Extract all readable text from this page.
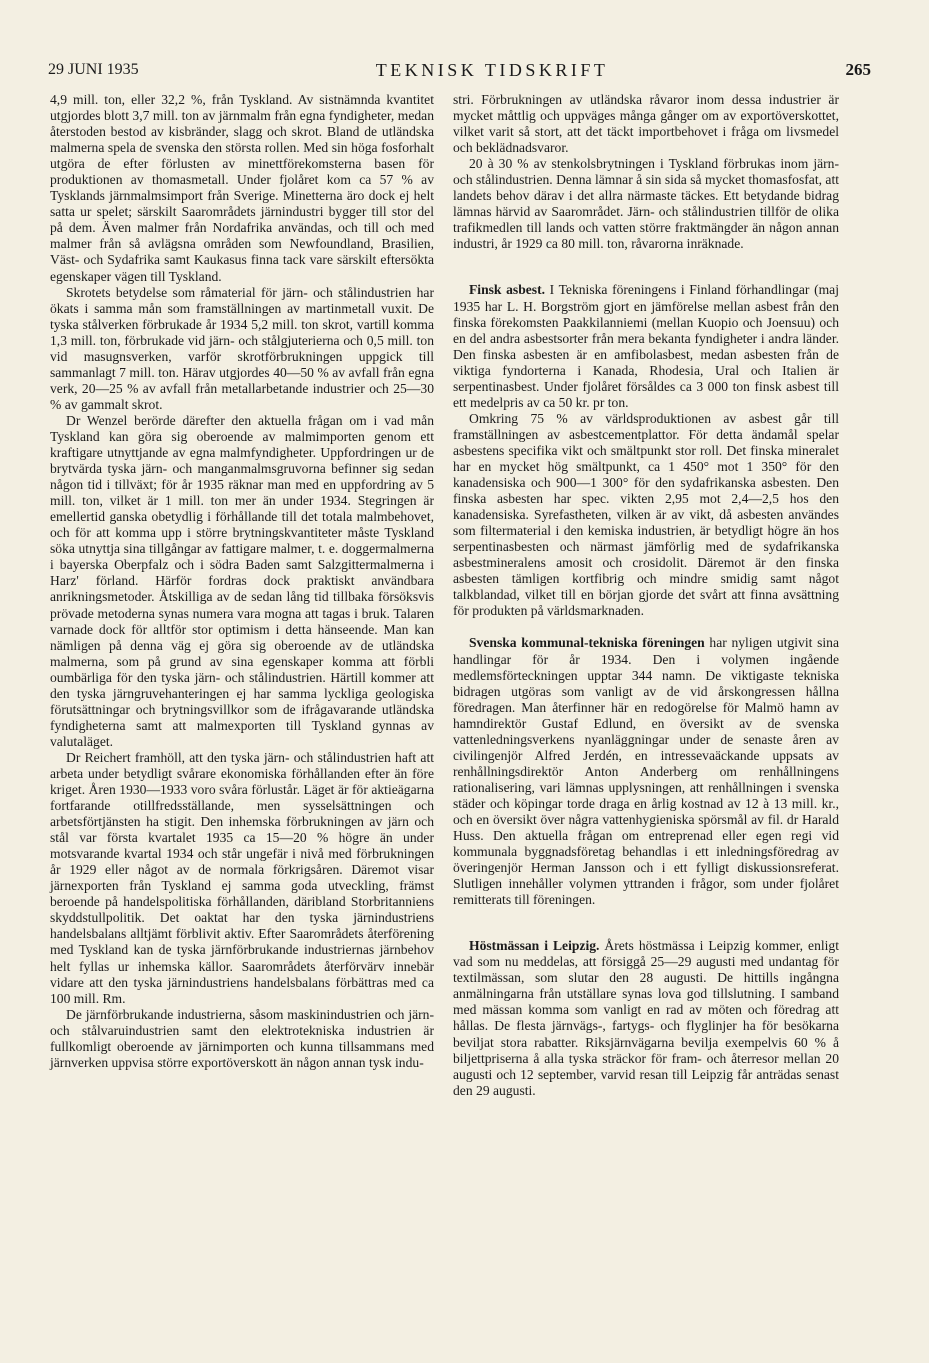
29 JUNI 1935	TEKNISK TIDSKRIFT	265

4,9 mill. ton, eller 32,2 %, från Tyskland. Av sistnämnda kvantitet utgjordes blott 3,7 mill. ton av järnmalm från egna fyndigheter, medan återstoden bestod av kisbränder, slagg och skrot. Bland de utländska malmerna spela de svenska den största rollen. Med sin höga fosforhalt utgöra de efter förlusten av minettförekomsterna basen för produktionen av thomasmetall. Under fjolåret kom ca 57 % av Tysklands järnmalmsimport från Sverige. Minetterna äro dock ej helt satta ur spelet; särskilt Saarområdets järnindustri bygger till stor del på dem. Även malmer från Nordafrika användas, och till och med malmer från så avlägsna områden som Newfoundland, Brasilien, Väst- och Sydafrika samt Kaukasus finna tack vare särskilt eftersökta egenskaper vägen till Tyskland.

Skrotets betydelse som råmaterial för järn- och stålindustrien har ökats i samma mån som framställningen av martinmetall vuxit. De tyska stålverken förbrukade år 1934 5,2 mill. ton skrot, vartill komma 1,3 mill. ton, förbrukade vid järn- och stålgjuterierna och 0,5 mill. ton vid masugnsverken, varför skrotförbrukningen uppgick till sammanlagt 7 mill. ton. Härav utgjordes 40—50 % av avfall från egna verk, 20—25 % av avfall från metallarbetande industrier och 25—30 % av gammalt skrot.

Dr Wenzel berörde därefter den aktuella frågan om i vad mån Tyskland kan göra sig oberoende av malmimporten genom ett kraftigare utnyttjande av egna malmfyndigheter. Uppfordringen ur de brytvärda tyska järn- och manganmalmsgruvorna befinner sig sedan någon tid i tillväxt; för år 1935 räknar man med en uppfordring av 5 mill. ton, vilket är 1 mill. ton mer än under 1934. Stegringen är emellertid ganska obetydlig i förhållande till det totala malmbehovet, och för att komma upp i större brytningskvantiteter måste Tyskland söka utnyttja sina tillgångar av fattigare malmer, t. e. doggermalmerna i bayerska Oberpfalz och i södra Baden samt Salzgittermalmerna i Harz' förland. Härför fordras dock praktiskt användbara anrikningsmetoder. Åtskilliga av de sedan lång tid tillbaka försöksvis prövade metoderna synas numera vara mogna att tagas i bruk. Talaren varnade dock för alltför stor optimism i detta hänseende. Man kan nämligen på denna väg ej göra sig oberoende av de utländska malmerna, som på grund av sina egenskaper komma att förbli oumbärliga för den tyska järn- och stålindustrien. Härtill kommer att den tyska järngruvehanteringen ej har samma lyckliga geologiska förutsättningar och brytningsvillkor som de ifrågavarande utländska fyndigheterna samt att malmexporten till Tyskland gynnas av valutaläget.

Dr Reichert framhöll, att den tyska järn- och stålindustrien haft att arbeta under betydligt svårare ekonomiska förhållanden efter än före kriget. Åren 1930—1933 voro svåra förlustår. Läget är för aktieägarna fortfarande otillfredsställande, men sysselsättningen och arbetsförtjänsten ha stigit. Den inhemska förbrukningen av järn och stål var första kvartalet 1935 ca 15—20 % högre än under motsvarande kvartal 1934 och står ungefär i nivå med förbrukningen år 1929 eller något av de normala förkrigsåren. Däremot visar järnexporten från Tyskland ej samma goda utveckling, främst beroende på handelspolitiska förhållanden, däribland Storbritanniens skyddstullpolitik. Det oaktat har den tyska järnindustriens handelsbalans alltjämt förblivit aktiv. Efter Saarområdets återförening med Tyskland kan de tyska järnförbrukande industriernas järnbehov helt fyllas ur inhemska källor. Saarområdets återförvärv innebär vidare att den tyska järnindustriens handelsbalans förbättras med ca 100 mill. Rm.

De järnförbrukande industrierna, såsom maskinindustrien och järn- och stålvaruindustrien samt den elektrotekniska industrien är fullkomligt oberoende av järnimporten och kunna tillsammans med järnverken uppvisa större exportöverskott än någon annan tysk indu-

stri. Förbrukningen av utländska råvaror inom dessa industrier är mycket måttlig och uppväges många gånger om av exportöverskottet, vilket varit så stort, att det täckt importbehovet i fråga om livsmedel och beklädnadsvaror.

20 à 30 % av stenkolsbrytningen i Tyskland förbrukas inom järn- och stålindustrien. Denna lämnar å sin sida så mycket thomasfosfat, att landets behov därav i det allra närmaste täckes. Ett betydande bidrag lämnas härvid av Saarområdet. Järn- och stålindustrien tillför de olika trafikmedlen till lands och vatten större fraktmängder än någon annan industri, år 1929 ca 80 mill. ton, råvarorna inräknade.

Finsk asbest. I Tekniska föreningens i Finland förhandlingar (maj 1935 har L. H. Borgström gjort en jämförelse mellan asbest från den finska förekomsten Paakkilanniemi (mellan Kuopio och Joensuu) och en del andra asbestsorter från mera bekanta fyndigheter i andra länder. Den finska asbesten är en amfibolasbest, medan asbesten från de viktiga fyndorterna i Kanada, Rhodesia, Ural och Italien är serpentinasbest. Under fjolåret försåldes ca 3 000 ton finsk asbest till ett medelpris av ca 50 kr. pr ton.

Omkring 75 % av världsproduktionen av asbest går till framställningen av asbestcementplattor. För detta ändamål spelar asbestens specifika vikt och smältpunkt stor roll. Det finska mineralet har en mycket hög smältpunkt, ca 1 450° mot 1 350° för den kanadensiska och 900—1 300° för den sydafrikanska asbesten. Den finska asbesten har spec. vikten 2,95 mot 2,4—2,5 hos den kanadensiska. Syrefastheten, vilken är av vikt, då asbesten användes som filtermaterial i den kemiska industrien, är betydligt högre än hos serpentinasbesten och närmast jämförlig med de sydafrikanska asbestmineralens amosit och crosidolit. Däremot är den finska asbesten tämligen kortfibrig och mindre smidig samt något talkblandad, vilket till en början gjorde det svårt att finna avsättning för produkten på världsmarknaden.

Svenska kommunal-tekniska föreningen har nyligen utgivit sina handlingar för år 1934. Den i volymen ingående medlemsförteckningen upptar 344 namn. De viktigaste tekniska bidragen utgöras som vanligt av de vid årskongressen hållna föredragen. Man återfinner här en redogörelse för Malmö hamn av hamndirektör Gustaf Edlund, en översikt av de svenska vattenledningsverkens nyanläggningar under de senaste åren av civilingenjör Alfred Jerdén, en intressevaäckande uppsats av renhållningsdirektör Anton Anderberg om renhållningens rationalisering, vari lämnas upplysningen, att renhållningen i svenska städer och köpingar torde draga en årlig kostnad av 12 à 13 mill. kr., och en översikt över några vattenhygieniska spörsmål av fil. dr Harald Huss. Den aktuella frågan om entreprenad eller egen regi vid kommunala byggnadsföretag behandlas i ett inledningsföredrag av överingenjör Herman Jansson och i ett fylligt diskussionsreferat. Slutligen innehåller volymen yttranden i frågor, som under fjolåret remitterats till föreningen.

Höstmässan i Leipzig. Årets höstmässa i Leipzig kommer, enligt vad som nu meddelas, att försiggå 25—29 augusti med undantag för textilmässan, som slutar den 28 augusti. De hittills ingångna anmälningarna från utställare synas lova god tillslutning. I samband med mässan komma som vanligt en rad av möten och föredrag att hållas. De flesta järnvägs-, fartygs- och flyglinjer ha för besökarna beviljat stora rabatter. Riksjärnvägarna bevilja exempelvis 60 % å biljettpriserna å alla tyska sträckor för fram- och återresor mellan 20 augusti och 12 september, varvid resan till Leipzig får anträdas senast den 29 augusti.
